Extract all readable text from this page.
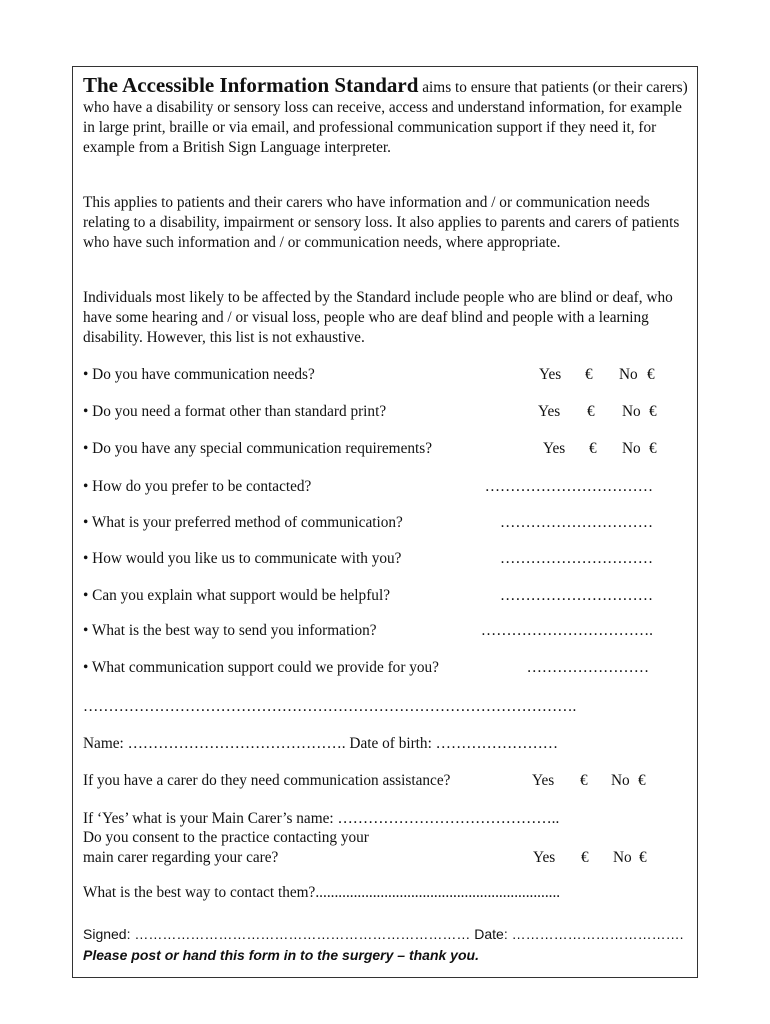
The Accessible Information Standard aims to ensure that patients (or their carers) who have a disability or sensory loss can receive, access and understand information, for example in large print, braille or via email, and professional communication support if they need it, for example from a British Sign Language interpreter.
This applies to patients and their carers who have information and / or communication needs relating to a disability, impairment or sensory loss. It also applies to parents and carers of patients who have such information and / or communication needs, where appropriate.
Individuals most likely to be affected by the Standard include people who are blind or deaf, who have some hearing and / or visual loss, people who are deaf blind and people with a learning disability. However, this list is not exhaustive.
• Do you have communication needs?	Yes € No €
• Do you need a format other than standard print?	Yes € No €
• Do you have any special communication requirements?	Yes € No €
• How do you prefer to be contacted?	……………………………
• What is your preferred method of communication?	…………………………
• How would you like us to communicate with you?	…………………………
• Can you explain what support would be helpful?	…………………………
• What is the best way to send you information?	…………………………….
• What communication support could we provide for you?	……………………
…………………………………………………………………………………….
Name: ……………………………………. Date of birth: ……………………
If you have a carer do they need communication assistance?	Yes € No €
If ‘Yes’ what is your Main Carer’s name: ……………………………………..
Do you consent to the practice contacting your
main carer regarding your care?	Yes € No €
What is the best way to contact them?................................................................
Signed: ……………………………………………………………… Date: ……………………………….
Please post or hand this form in to the surgery – thank you.
